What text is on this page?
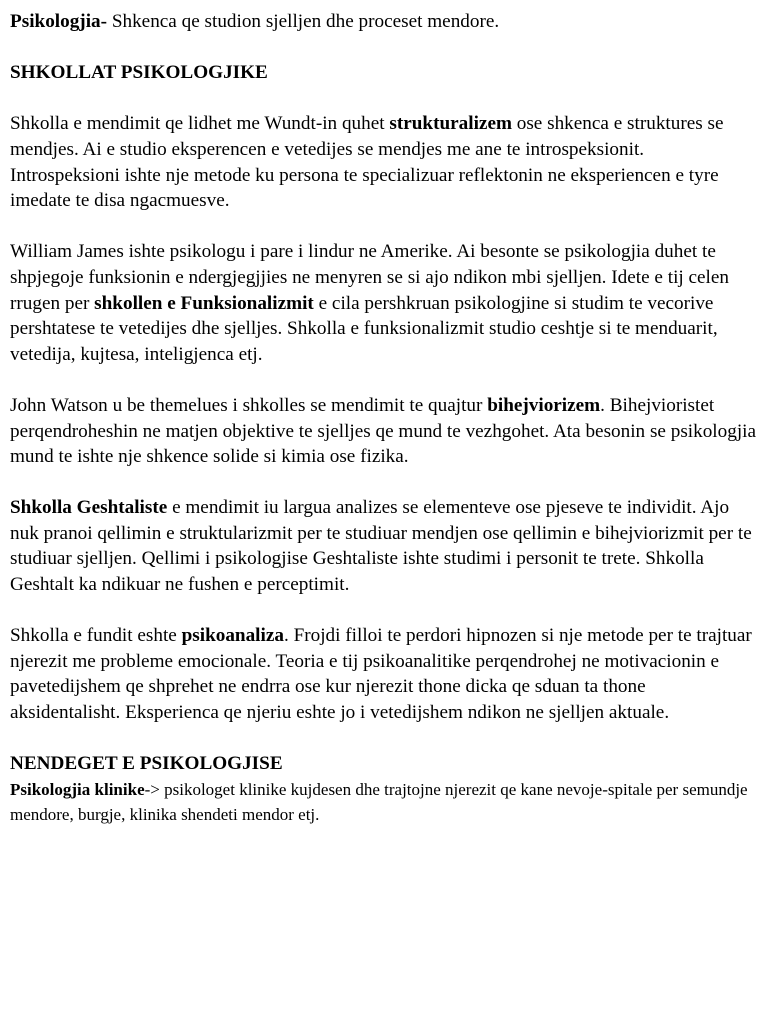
Psikologjia- Shkenca qe studion sjelljen dhe proceset mendore.

SHKOLLAT PSIKOLOGJIKE

Shkolla e mendimit qe lidhet me Wundt-in quhet strukturalizem ose shkenca e struktures se mendjes. Ai e studio eksperencen e vetedijes se mendjes me ane te introspeksionit. Introspeksioni ishte nje metode ku persona te specializuar reflektonin ne eksperiencen e tyre imedate te disa ngacmuesve.

William James ishte psikologu i pare i lindur ne Amerike. Ai besonte se psikologjia duhet te shpjegoje funksionin e ndergjegjjies ne menyren se si ajo ndikon mbi sjelljen. Idete e tij celen rrugen per shkollen e Funksionalizmit e cila pershkruan psikologjine si studim te vecorive pershtatese te vetedijes dhe sjelljes. Shkolla e funksionalizmit studio ceshtje si te menduarit, vetedija, kujtesa, inteligjenca etj.

John Watson u be themelues i shkolles se mendimit te quajtur bihejviorizem. Bihejvioristet perqendroheshin ne matjen objektive te sjelljes qe mund te vezhgohet. Ata besonin se psikologjia mund te ishte nje shkence solide si kimia ose fizika.

Shkolla Geshtaliste e mendimit iu largua analizes se elementeve ose pjeseve te individit. Ajo nuk pranoi qellimin e struktularizmit per te studiuar mendjen ose qellimin e bihejviorizmit per te studiuar sjelljen. Qellimi i psikologjise Geshtaliste ishte studimi i personit te trete. Shkolla Geshtalt ka ndikuar ne fushen e perceptimit.

Shkolla e fundit eshte psikoanaliza. Frojdi filloi te perdori hipnozen si nje metode per te trajtuar njerezit me probleme emocionale. Teoria e tij psikoanalitike perqendrohej ne motivacionin e pavetedijshem qe shprehet ne endrra ose kur njerezit thone dicka qe sduan ta thone aksidentalisht. Eksperienca qe njeriu eshte jo i vetedijshem ndikon ne sjelljen aktuale.

NENDEGET E PSIKOLOGJISE

Psikologjia klinike-> psikologet klinike kujdesen dhe trajtojne njerezit qe kane nevoje-spitale per semundje mendore, burgje, klinika shendeti mendor etj.
